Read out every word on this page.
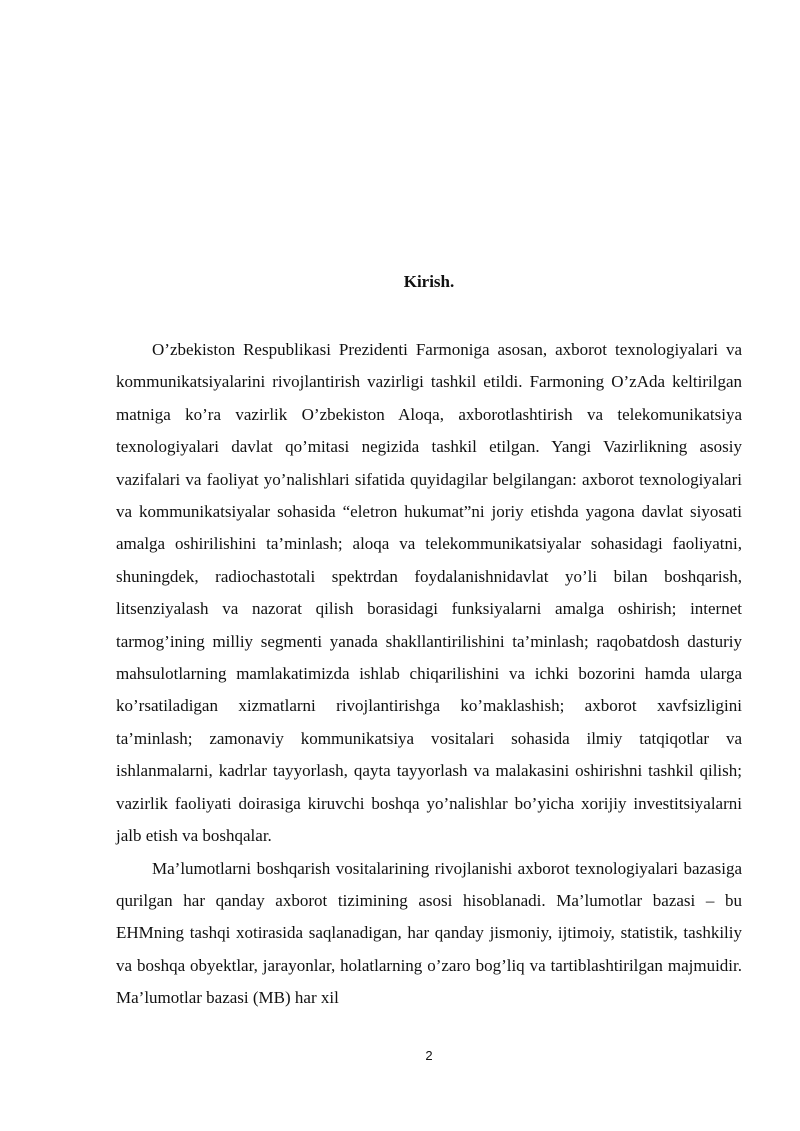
Kirish.

O’zbekiston Respublikasi Prezidenti Farmoniga asosan, axborot texnologiyalari va kommunikatsiyalarini rivojlantirish vazirligi tashkil etildi. Farmoning O’zAda keltirilgan matniga ko’ra vazirlik O’zbekiston Aloqa, axborotlashtirish va telekomunikatsiya texnologiyalari davlat qo’mitasi negizida tashkil etilgan. Yangi Vazirlikning asosiy vazifalari va faoliyat yo’nalishlari sifatida quyidagilar belgilangan: axborot texnologiyalari va kommunikatsiyalar sohasida “eletron hukumat”ni joriy etishda yagona davlat siyosati amalga oshirilishini ta’minlash; aloqa va telekommunikatsiyalar sohasidagi faoliyatni, shuningdek, radiochastotali spektrdan foydalanishnidavlat yo’li bilan boshqarish, litsenziyalash va nazorat qilish borasidagi funksiyalarni amalga oshirish; internet tarmog’ining milliy segmenti yanada shakllantirilishini ta’minlash; raqobatdosh dasturiy mahsulotlarning mamlakatimizda ishlab chiqarilishini va ichki bozorini hamda ularga ko’rsatiladigan xizmatlarni rivojlantirishga ko’maklashish; axborot xavfsizligini ta’minlash; zamonaviy kommunikatsiya vositalari sohasida ilmiy tatqiqotlar va ishlanmalarni, kadrlar tayyorlash, qayta tayyorlash va malakasini oshirishni tashkil qilish; vazirlik faoliyati doirasiga kiruvchi boshqa yo’nalishlar bo’yicha xorijiy investitsiyalarni jalb etish va boshqalar.

Ma’lumotlarni boshqarish vositalarining rivojlanishi axborot texnologiyalari bazasiga qurilgan har qanday axborot tizimining asosi hisoblanadi. Ma’lumotlar bazasi – bu EHMning tashqi xotirasida saqlanadigan, har qanday jismoniy, ijtimoiy, statistik, tashkiliy va boshqa obyektlar, jarayonlar, holatlarning o’zaro bog’liq va tartiblashtirilgan majmuidir. Ma’lumotlar bazasi (MB) har xil

2
